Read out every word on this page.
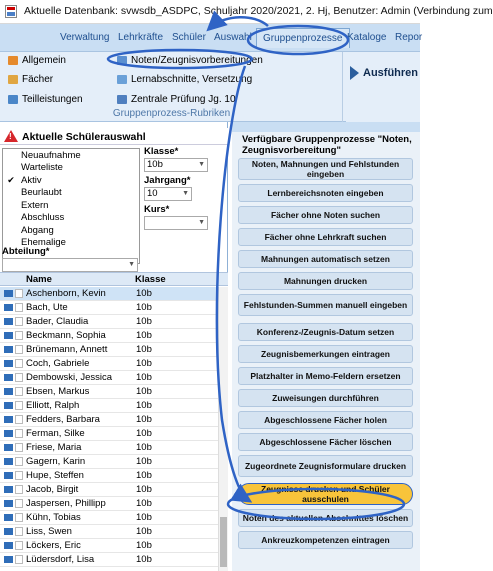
Aktuelle Datenbank: svwsdb_ASDPC, Schuljahr 2020/2021, 2. Hj, Benutzer: Admin (Verbindung zum
Verwaltung Lehrkräfte Schüler Auswahl	Gruppenprozesse Kataloge Repor
Allgemein
Fächer
Teilleistungen
Noten/Zeugnisvorbereitungen
Lernabschnitte, Versetzung
Zentrale Prüfung Jg. 10
Gruppenprozess-Rubriken
Ausführen
! Aktuelle Schülerauswahl
Neuaufnahme
Warteliste
✔
Aktiv
Beurlaubt
Extern
Abschluss
Abgang
Ehemalige
Klasse*
10b	▼
Jahrgang*
10	▼
Kurs*
▼
Abteilung*
▼
Name	Klasse
Aschenborn, Kevin	10b
Bach, Ute	10b
Bader, Claudia	10b
Beckmann, Sophia	10b
Brünemann, Annett	10b
Coch, Gabriele	10b
Dembowski, Jessica	10b
Ebsen, Markus	10b
Elliott, Ralph	10b
Fedders, Barbara	10b
Ferman, Silke	10b
Friese, Maria	10b
Gagern, Karin	10b
Hupe, Steffen	10b
Jacob, Birgit	10b
Jaspersen, Phillipp	10b
Kühn, Tobias	10b
Liss, Swen	10b
Löckers, Eric	10b
Lüdersdorf, Lisa	10b
Verfügbare Gruppenprozesse "Noten, Zeugnisvorbereitung"
Noten, Mahnungen und Fehlstunden eingeben
Lernbereichsnoten eingeben
Fächer ohne Noten suchen
Fächer ohne Lehrkraft suchen
Mahnungen automatisch setzen
Mahnungen drucken
Fehlstunden-Summen manuell eingeben
Konferenz-/Zeugnis-Datum setzen
Zeugnisbemerkungen eintragen
Platzhalter in Memo-Feldern ersetzen
Zuweisungen durchführen
Abgeschlossene Fächer holen
Abgeschlossene Fächer löschen
Zugeordnete Zeugnisformulare drucken
Zeugnisse drucken und Schüler ausschulen
Noten des aktuellen Abschnittes löschen
Ankreuzkompetenzen eintragen
